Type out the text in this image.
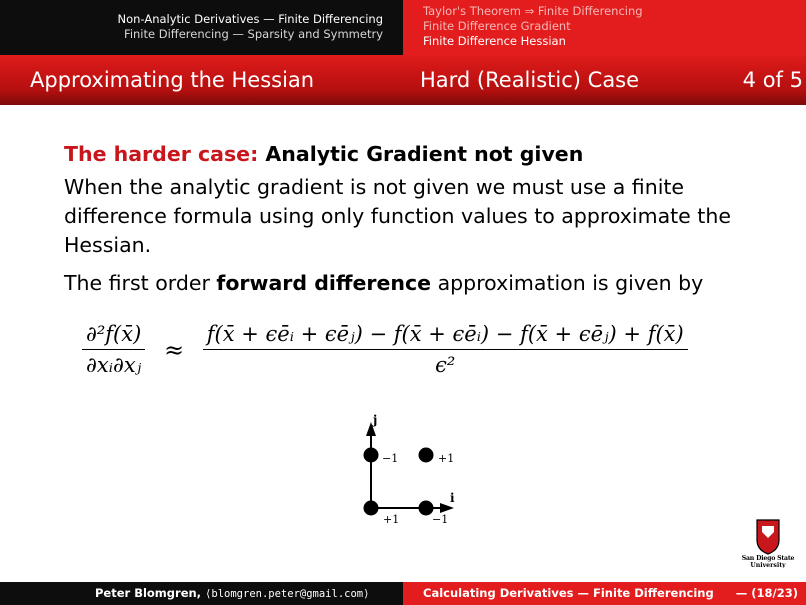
Non-Analytic Derivatives — Finite Differencing
Finite Differencing — Sparsity and Symmetry
Taylor's Theorem ⇒ Finite Differencing
Finite Difference Gradient
Finite Difference Hessian
Approximating the Hessian	Hard (Realistic) Case	4 of 5

The harder case: Analytic Gradient not given

When the analytic gradient is not given we must use a finite difference formula using only function values to approximate the Hessian.

The first order forward difference approximation is given by

$\frac{\text{∂²f(x̄)}}{\text{∂xᵢ∂xⱼ}} \approx \frac{\text{f(x̄ + ϵēᵢ + ϵēⱼ) − f(x̄ + ϵēᵢ) − f(x̄ + ϵēⱼ) + f(x̄)}}{\text{ϵ²}}$
j
i
−1	+1
+1	−1
San Diego State
University
Peter Blomgren, ⟨blomgren.peter@gmail.com⟩	Calculating Derivatives — Finite Differencing — (18/23)
